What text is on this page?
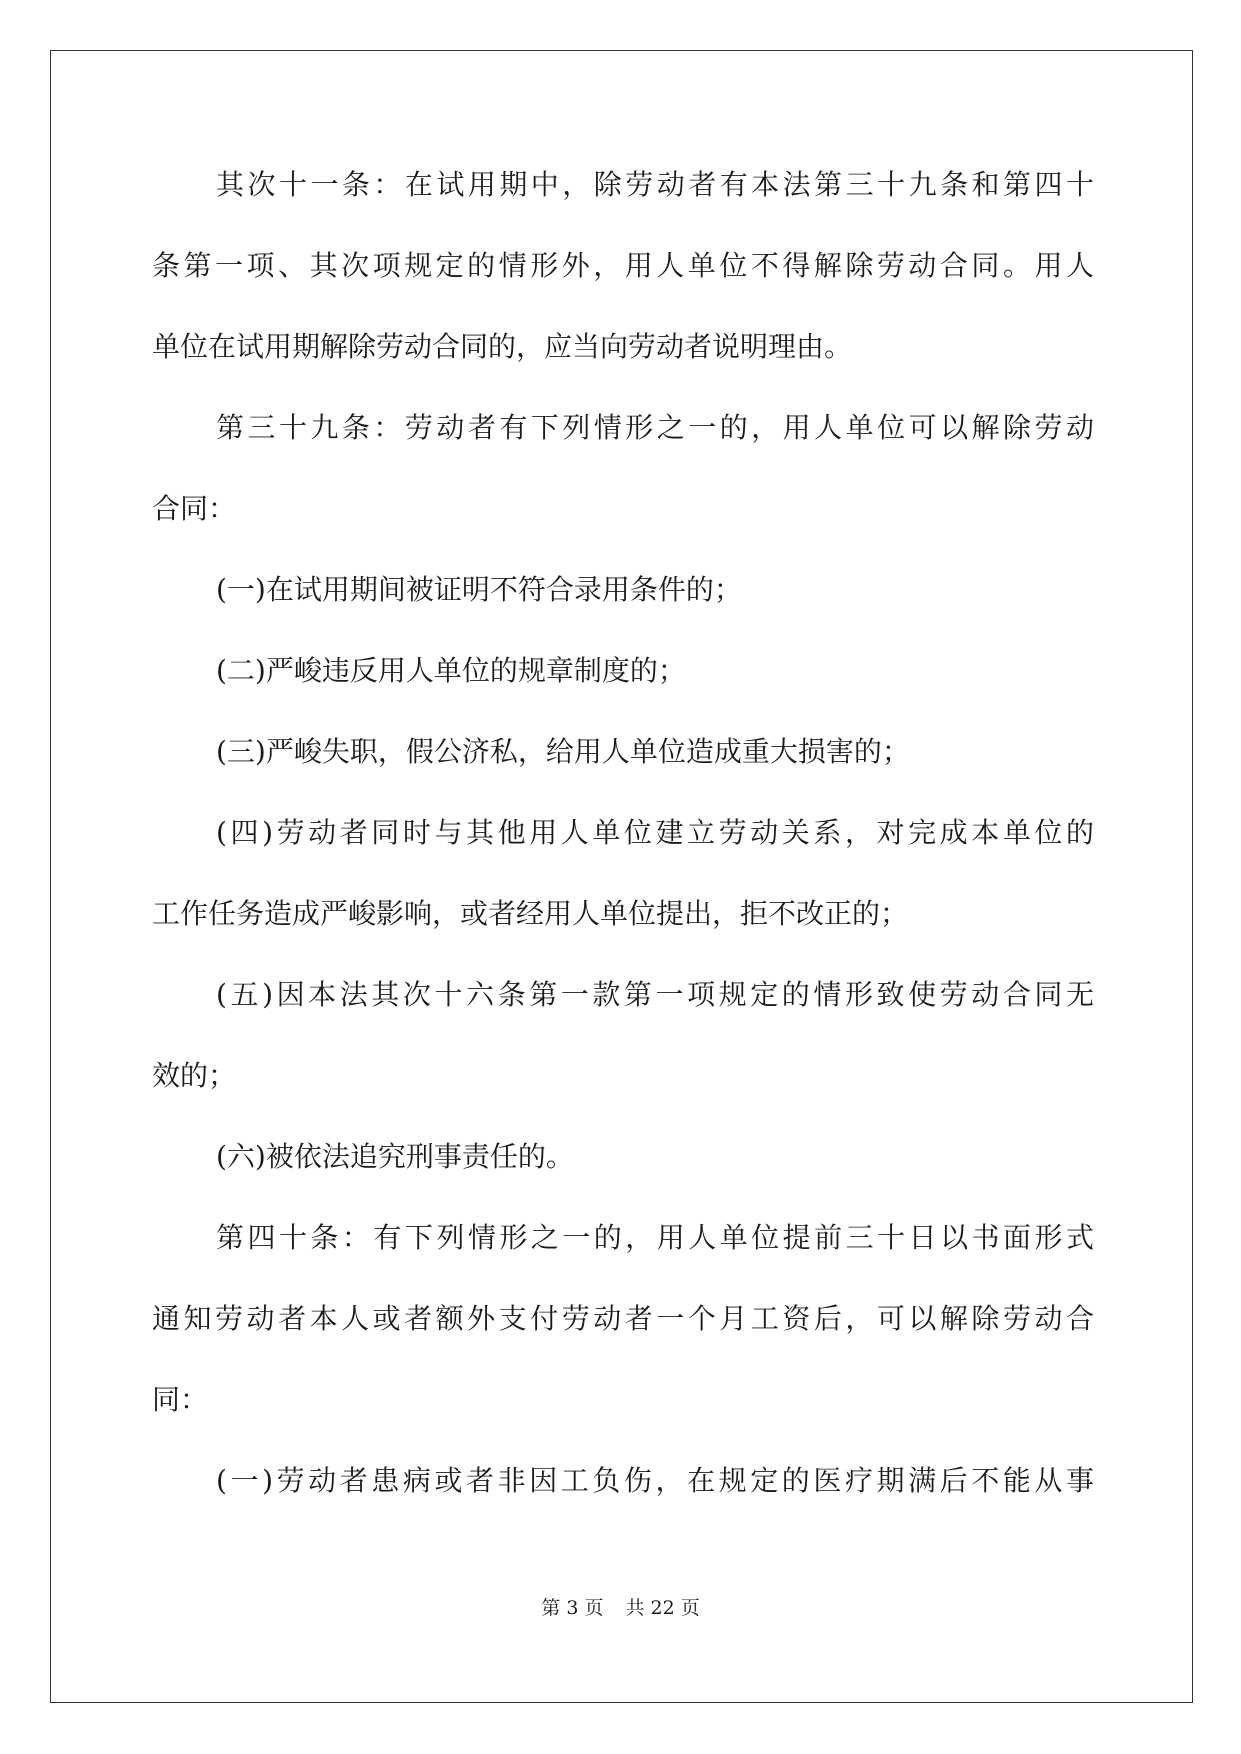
其次十一条：在试用期中，除劳动者有本法第三十九条和第四十
条第一项、其次项规定的情形外，用人单位不得解除劳动合同。用人
单位在试用期解除劳动合同的，应当向劳动者说明理由。
第三十九条：劳动者有下列情形之一的，用人单位可以解除劳动
合同：
(一)在试用期间被证明不符合录用条件的；
(二)严峻违反用人单位的规章制度的；
(三)严峻失职，假公济私，给用人单位造成重大损害的；
(四)劳动者同时与其他用人单位建立劳动关系，对完成本单位的
工作任务造成严峻影响，或者经用人单位提出，拒不改正的；
(五)因本法其次十六条第一款第一项规定的情形致使劳动合同无
效的；
(六)被依法追究刑事责任的。
第四十条：有下列情形之一的，用人单位提前三十日以书面形式
通知劳动者本人或者额外支付劳动者一个月工资后，可以解除劳动合
同：
(一)劳动者患病或者非因工负伤，在规定的医疗期满后不能从事
第 3 页 共 22 页
